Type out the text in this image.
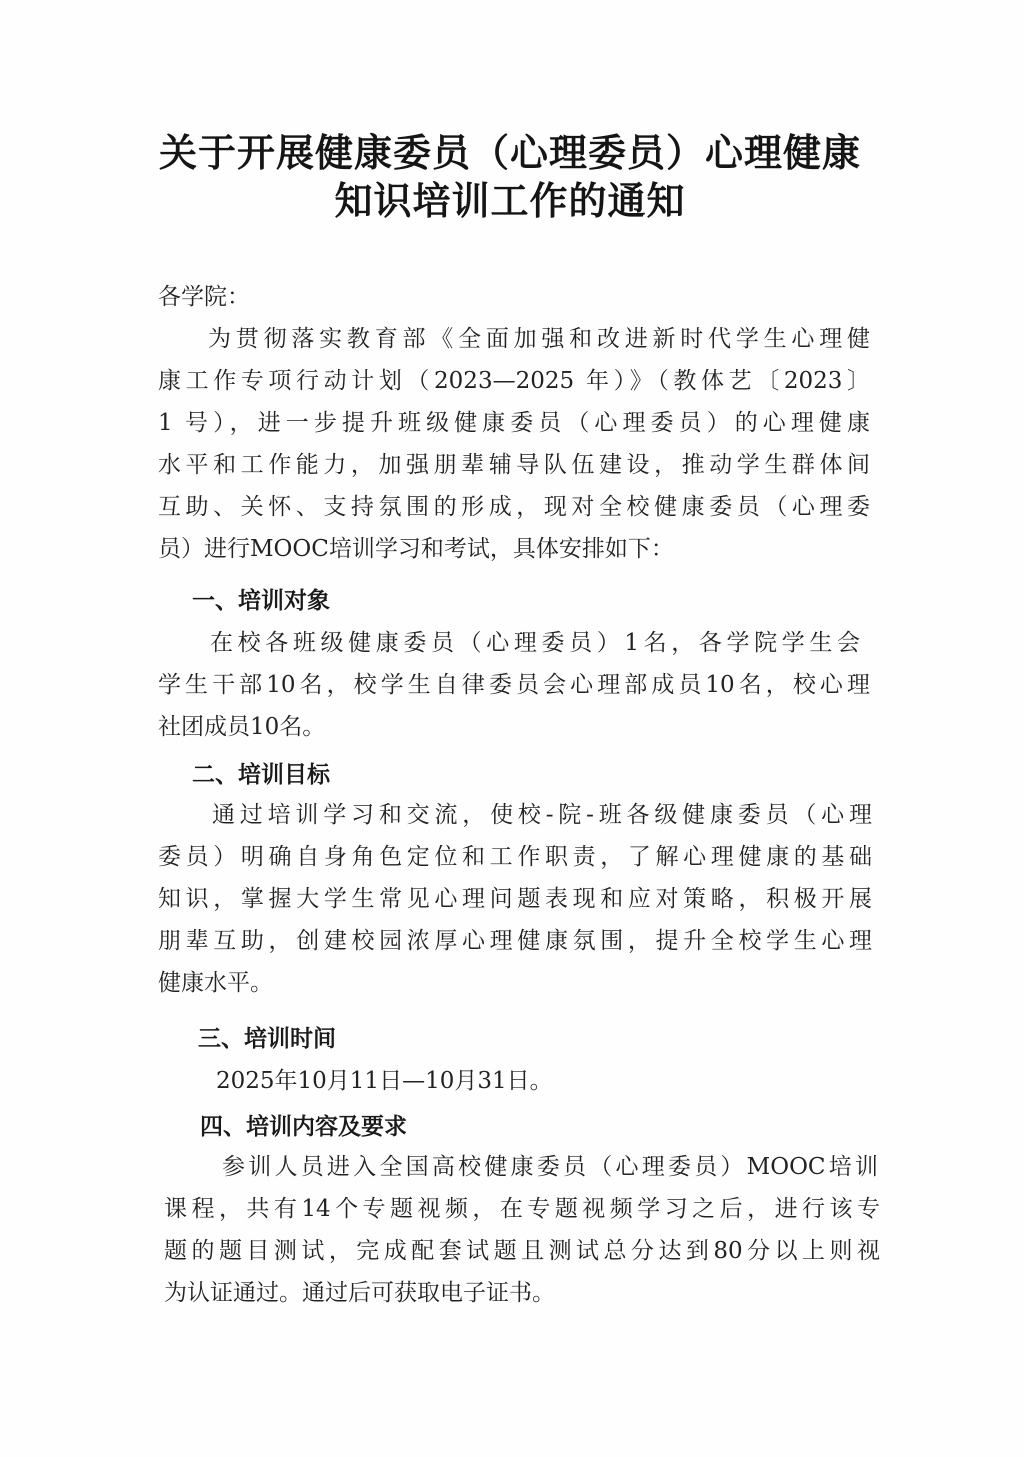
关于开展健康委员（心理委员）心理健康
知识培训工作的通知

各学院：

为贯彻落实教育部《全面加强和改进新时代学生心理健

康工作专项行动计划（2023—2025 年）》（教体艺〔2023〕

1 号），进一步提升班级健康委员（心理委员）的心理健康

水平和工作能力，加强朋辈辅导队伍建设，推动学生群体间

互助、关怀、支持氛围的形成，现对全校健康委员（心理委

员）进行MOOC培训学习和考试，具体安排如下：

一、培训对象

在校各班级健康委员（心理委员）1名，各学院学生会

学生干部10名，校学生自律委员会心理部成员10名，校心理

社团成员10名。

二、培训目标

通过培训学习和交流，使校-院-班各级健康委员（心理

委员）明确自身角色定位和工作职责，了解心理健康的基础

知识，掌握大学生常见心理问题表现和应对策略，积极开展

朋辈互助，创建校园浓厚心理健康氛围，提升全校学生心理

健康水平。

三、培训时间

2025年10月11日—10月31日。

四、培训内容及要求

参训人员进入全国高校健康委员（心理委员）MOOC培训

课程，共有14个专题视频，在专题视频学习之后，进行该专

题的题目测试，完成配套试题且测试总分达到80分以上则视

为认证通过。通过后可获取电子证书。
